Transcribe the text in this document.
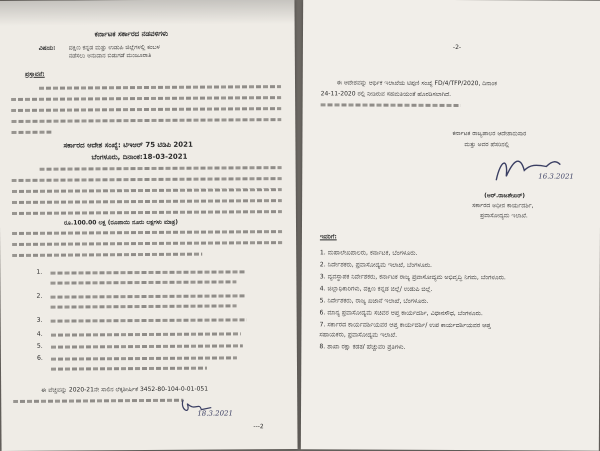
ಕರ್ನಾಟಕ ಸರ್ಕಾರದ ನಡವಳಿಗಳು
ವಿಷಯ: ದಕ್ಷಿಣ ಕನ್ನಡ ಮತ್ತು ಉಡುಪಿ ಜಿಲ್ಲೆಗಳಲ್ಲಿ ಕಂಬಳ
ನಡೆಸಲು ಅನುದಾನ ಬಿಡುಗಡೆ ಮಂಜೂರಾತಿ
ಪ್ರಸ್ತಾವನೆ:
ಸರ್ಕಾರದ ಆದೇಶ ಸಂಖ್ಯೆ: ಟಿಇಆರ್ 75 ಟಿಡಿಪಿ 2021
ಬೆಂಗಳೂರು, ದಿನಾಂಕ:18-03-2021
ರೂ.100.00 ಲಕ್ಷ (ರೂಪಾಯಿ ನೂರು ಲಕ್ಷಗಳು ಮಾತ್ರ)
1.
2.
3.
4.
5.
6.
ಈ ವೆಚ್ಚವನ್ನು 2020-21ನೇ ಸಾಲಿನ ಲೆಕ್ಕಶೀರ್ಷಿಕೆ 3452-80-104-0-01-051
18.3.2021
---2
-2-
ಈ ಆದೇಶವನ್ನು ಆರ್ಥಿಕ ಇಲಾಖೆಯ ಟಿಪ್ಪಣಿ ಸಂಖ್ಯೆ FD/4/TFP/2020, ದಿನಾಂಕ
24-11-2020 ರಲ್ಲಿ ನೀಡಿರುವ ಸಹಮತಿಯಂತೆ ಹೊರಡಿಸಲಾಗಿದೆ.
ಕರ್ನಾಟಕ ರಾಜ್ಯಪಾಲರ ಆದೇಶಾನುಸಾರ
ಮತ್ತು ಅವರ ಹೆಸರಿನಲ್ಲಿ
16.3.2021
(ಆರ್.ರಾಜಶೇಖರ್)
ಸರ್ಕಾರದ ಅಧೀನ ಕಾರ್ಯದರ್ಶಿ,
ಪ್ರವಾಸೋದ್ಯಮ ಇಲಾಖೆ.
ಇವರಿಗೆ:
1. ಮಹಾಲೇಖಪಾಲರು, ಕರ್ನಾಟಕ, ಬೆಂಗಳೂರು.
2. ನಿರ್ದೇಶಕರು, ಪ್ರವಾಸೋದ್ಯಮ ಇಲಾಖೆ, ಬೆಂಗಳೂರು.
3. ವ್ಯವಸ್ಥಾಪಕ ನಿರ್ದೇಶಕರು, ಕರ್ನಾಟಕ ರಾಜ್ಯ ಪ್ರವಾಸೋದ್ಯಮ ಅಭಿವೃದ್ಧಿ ನಿಗಮ, ಬೆಂಗಳೂರು.
4. ಜಿಲ್ಲಾಧಿಕಾರಿಗಳು, ದಕ್ಷಿಣ ಕನ್ನಡ ಜಿಲ್ಲೆ/ ಉಡುಪಿ ಜಿಲ್ಲೆ.
5. ನಿರ್ದೇಶಕರು, ರಾಜ್ಯ ಖಜಾನೆ ಇಲಾಖೆ, ಬೆಂಗಳೂರು.
6. ಮಾನ್ಯ ಪ್ರವಾಸೋದ್ಯಮ ಸಚಿವರ ಆಪ್ತ ಕಾರ್ಯದರ್ಶಿ, ವಿಧಾನಸೌಧ, ಬೆಂಗಳೂರು.
7. ಸರ್ಕಾರದ ಕಾರ್ಯದರ್ಶಿಯವರ ಆಪ್ತ ಕಾರ್ಯದರ್ಶಿ/ ಉಪ ಕಾರ್ಯದರ್ಶಿಯವರ ಆಪ್ತ
ಸಹಾಯಕರು, ಪ್ರವಾಸೋದ್ಯಮ ಇಲಾಖೆ.
8. ಶಾಖಾ ರಕ್ಷಾ ಕಡತ/ ಹೆಚ್ಚುವರಿ ಪ್ರತಿಗಳು.
